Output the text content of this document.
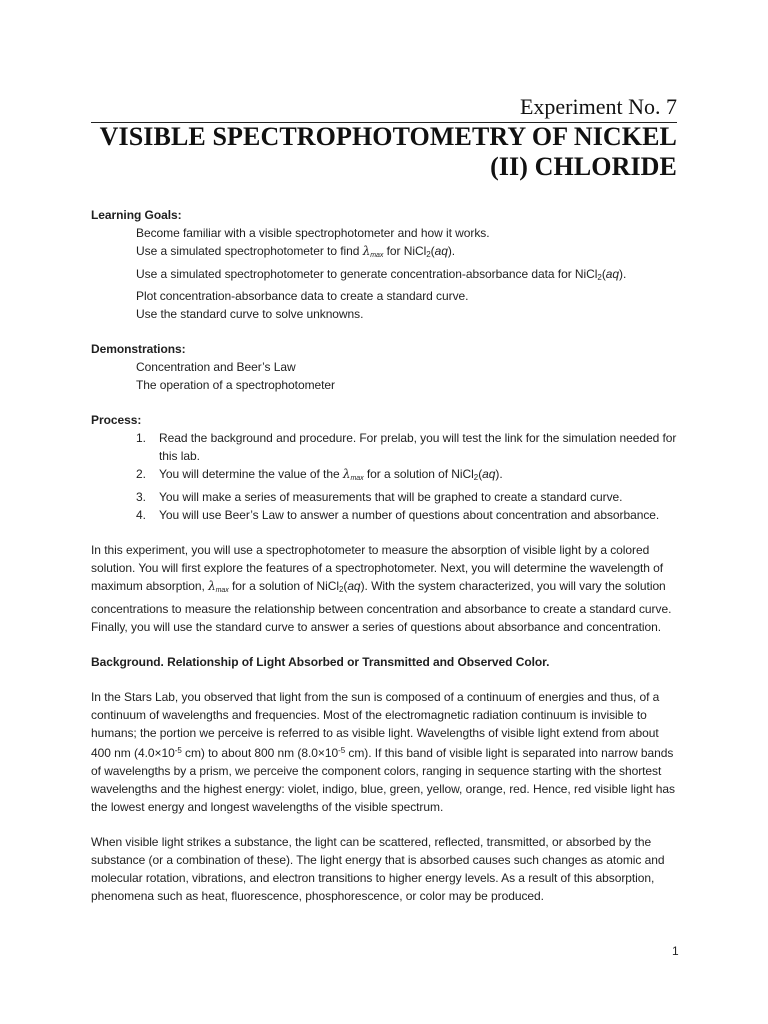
Experiment No. 7
VISIBLE SPECTROPHOTOMETRY OF NICKEL
(II) CHLORIDE
Learning Goals:
Become familiar with a visible spectrophotometer and how it works.
Use a simulated spectrophotometer to find $\lambda_{max}$ for NiCl$_2$(aq).
Use a simulated spectrophotometer to generate concentration-absorbance data for NiCl$_2$(aq).
Plot concentration-absorbance data to create a standard curve.
Use the standard curve to solve unknowns.
Demonstrations:
Concentration and Beer’s Law
The operation of a spectrophotometer
Process:
1.	Read the background and procedure. For prelab, you will test the link for the simulation needed for this lab.
2.	You will determine the value of the $\lambda_{max}$ for a solution of NiCl$_2$(aq).
3.	You will make a series of measurements that will be graphed to create a standard curve.
4.	You will use Beer’s Law to answer a number of questions about concentration and absorbance.

In this experiment, you will use a spectrophotometer to measure the absorption of visible light by a colored solution. You will first explore the features of a spectrophotometer. Next, you will determine the wavelength of maximum absorption, $\lambda_{max}$ for a solution of NiCl$_2$(aq). With the system characterized, you will vary the solution concentrations to measure the relationship between concentration and absorbance to create a standard curve. Finally, you will use the standard curve to answer a series of questions about absorbance and concentration.

Background. Relationship of Light Absorbed or Transmitted and Observed Color.

In the Stars Lab, you observed that light from the sun is composed of a continuum of energies and thus, of a continuum of wavelengths and frequencies. Most of the electromagnetic radiation continuum is invisible to humans; the portion we perceive is referred to as visible light. Wavelengths of visible light extend from about 400 nm ($4.0\times 10^{-5}$ cm) to about 800 nm ($8.0\times 10^{-5}$ cm). If this band of visible light is separated into narrow bands of wavelengths by a prism, we perceive the component colors, ranging in sequence starting with the shortest wavelengths and the highest energy: violet, indigo, blue, green, yellow, orange, red. Hence, red visible light has the lowest energy and longest wavelengths of the visible spectrum.

When visible light strikes a substance, the light can be scattered, reflected, transmitted, or absorbed by the substance (or a combination of these). The light energy that is absorbed causes such changes as atomic and molecular rotation, vibrations, and electron transitions to higher energy levels. As a result of this absorption, phenomena such as heat, fluorescence, phosphorescence, or color may be produced.

1
